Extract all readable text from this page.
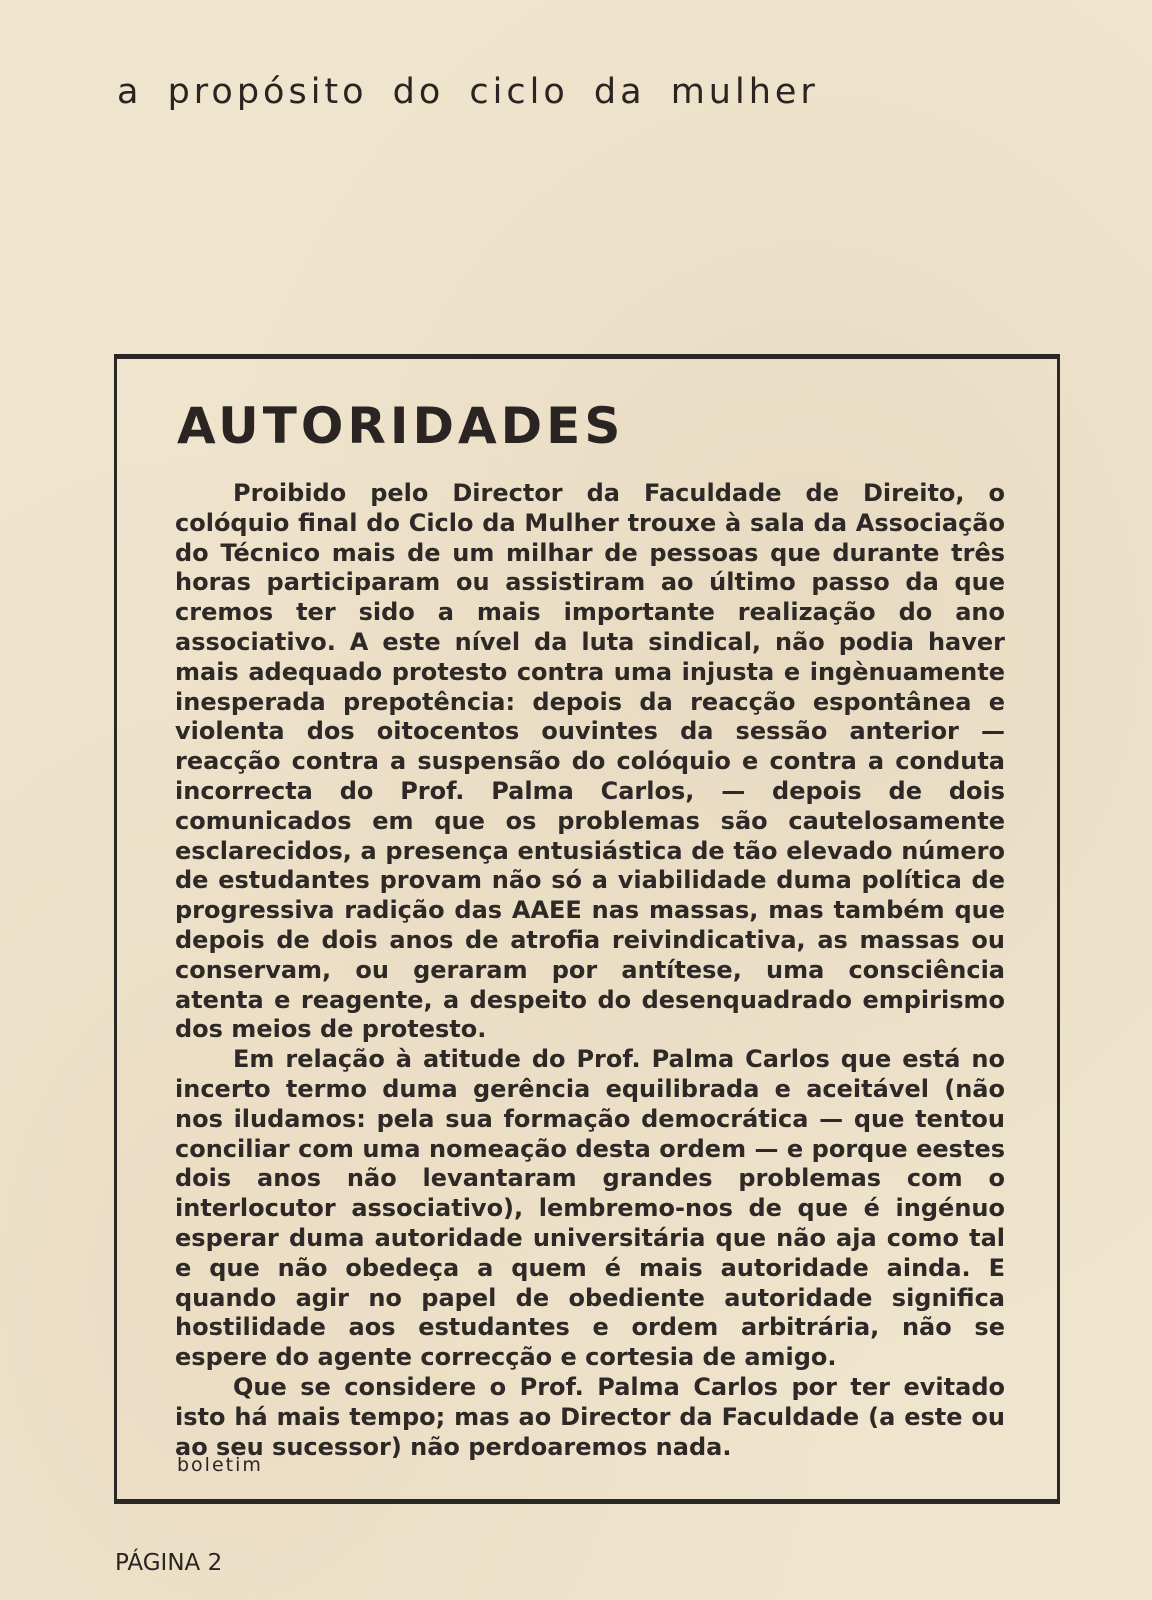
a propósito do ciclo da mulher
AUTORIDADES

Proibido pelo Director da Faculdade de Direito, o colóquio final do Ciclo da Mulher trouxe à sala da Associação do Técnico mais de um milhar de pessoas que durante três horas participaram ou assistiram ao último passo da que cremos ter sido a mais importante realização do ano associativo. A este nível da luta sindical, não podia haver mais adequado protesto contra uma injusta e ingènuamente inesperada prepotência: depois da reacção espontânea e violenta dos oitocentos ouvintes da sessão anterior — reacção contra a suspensão do colóquio e contra a conduta incorrecta do Prof. Palma Carlos, — depois de dois comunicados em que os problemas são cautelosamente esclarecidos, a presença entusiástica de tão elevado número de estudantes provam não só a viabilidade duma política de progressiva radição das AAEE nas massas, mas também que depois de dois anos de atrofia reivindicativa, as massas ou conservam, ou geraram por antítese, uma consciência atenta e reagente, a despeito do desenquadrado empirismo dos meios de protesto.

Em relação à atitude do Prof. Palma Carlos que está no incerto termo duma gerência equilibrada e aceitável (não nos iludamos: pela sua formação democrática — que tentou conciliar com uma nomeação desta ordem — e porque eestes dois anos não levantaram grandes problemas com o interlocutor associativo), lembremo-nos de que é ingénuo esperar duma autoridade universitária que não aja como tal e que não obedeça a quem é mais autoridade ainda. E quando agir no papel de obediente autoridade significa hostilidade aos estudantes e ordem arbitrária, não se espere do agente correcção e cortesia de amigo.

Que se considere o Prof. Palma Carlos por ter evitado isto há mais tempo; mas ao Director da Faculdade (a este ou ao seu sucessor) não perdoaremos nada.

boletim
PÁGINA 2
